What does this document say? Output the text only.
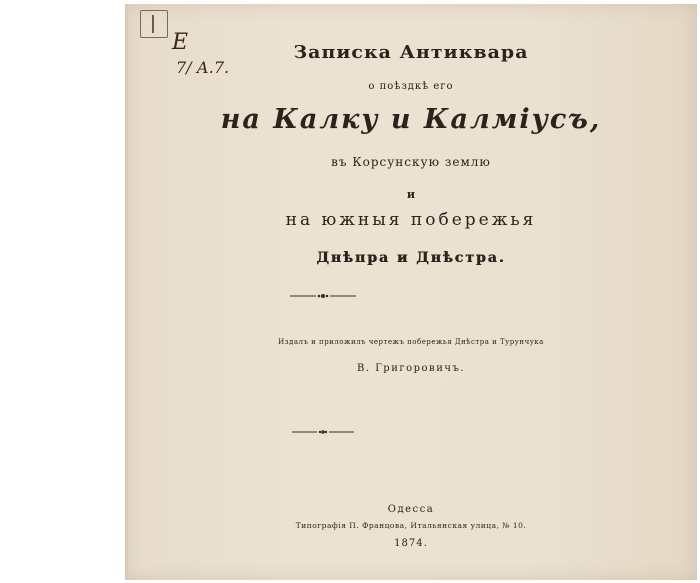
Е
7/ А.7.
Записка Антиквара
о поѣздкѣ его
на Калку и Калміусъ,
въ Корсунскую землю
и
на южныя побережья
Днѣпра и Днѣстра.
Издалъ и приложилъ чертежъ побережья Днѣстра и Турунчука
В. Григоровичъ.
Одесса
Типографія П. Францова, Итальянская улица, № 10.
1874.
